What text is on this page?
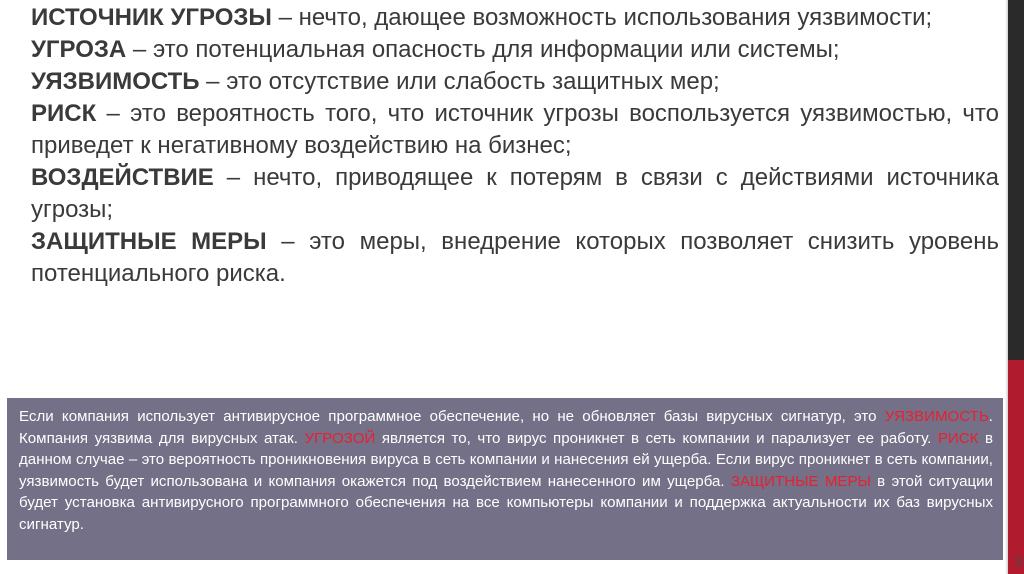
ИСТОЧНИК УГРОЗЫ – нечто, дающее возможность использования уязвимости;

УГРОЗА – это потенциальная опасность для информации или системы;

УЯЗВИМОСТЬ – это отсутствие или слабость защитных мер;

РИСК – это вероятность того, что источник угрозы воспользуется уязвимостью, что приведет к негативному воздействию на бизнес;

ВОЗДЕЙСТВИЕ – нечто, приводящее к потерям в связи с действиями источника угрозы;

ЗАЩИТНЫЕ МЕРЫ – это меры, внедрение которых позволяет снизить уровень потенциального риска.

Если компания использует антивирусное программное обеспечение, но не обновляет базы вирусных сигнатур, это УЯЗВИМОСТЬ. Компания уязвима для вирусных атак. УГРОЗОЙ является то, что вирус проникнет в сеть компании и парализует ее работу. РИСК в данном случае – это вероятность проникновения вируса в сеть компании и нанесения ей ущерба. Если вирус проникнет в сеть компании, уязвимость будет использована и компания окажется под воздействием нанесенного им ущерба. ЗАЩИТНЫЕ МЕРЫ в этой ситуации будет установка антивирусного программного обеспечения на все компьютеры компании и поддержка актуальности их баз вирусных сигнатур.

3
